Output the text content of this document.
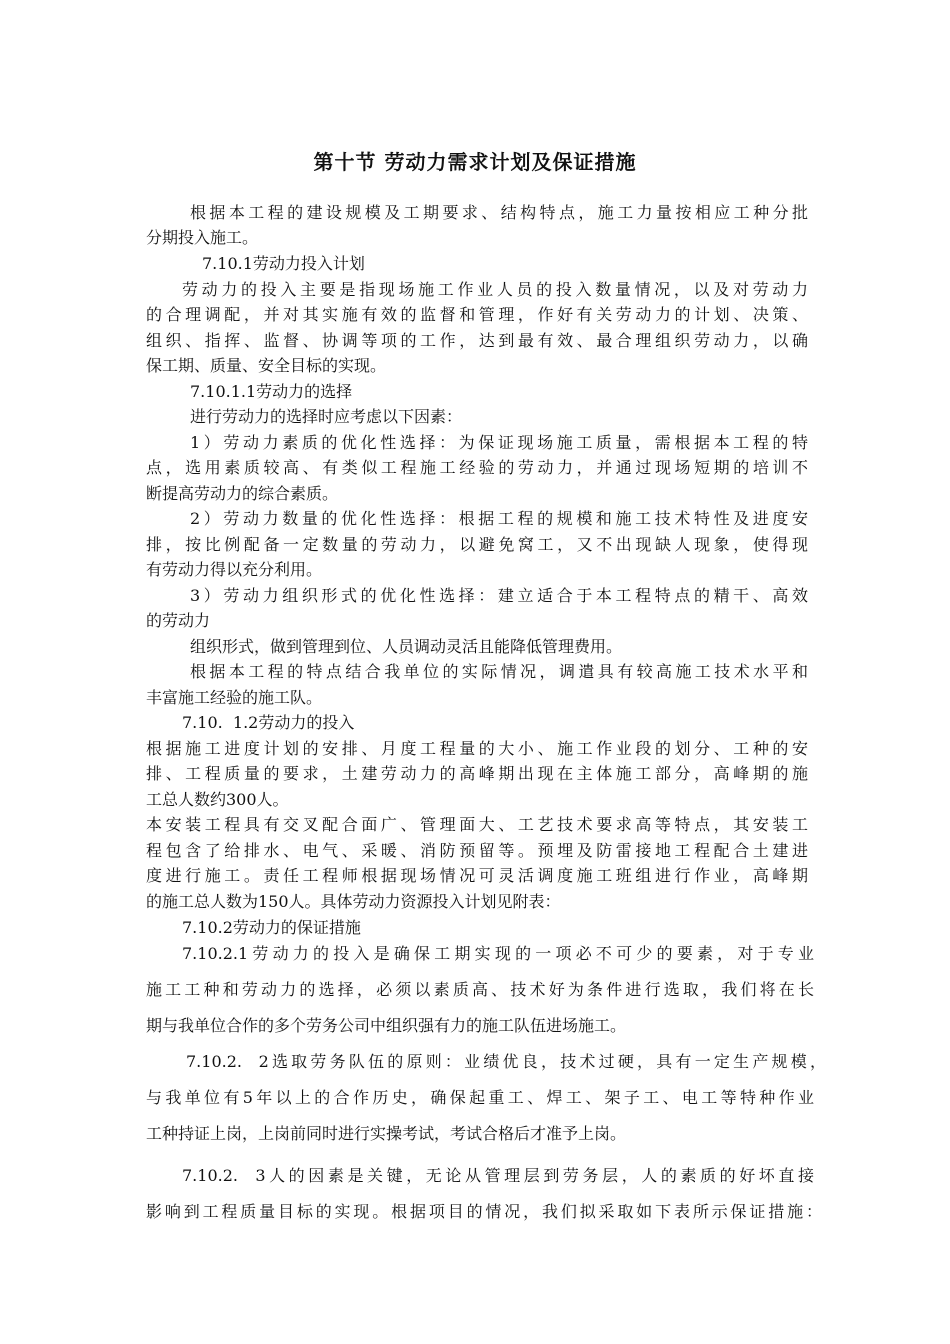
第十节 劳动力需求计划及保证措施
根据本工程的建设规模及工期要求、结构特点，施工力量按相应工种分批
分期投入施工。
7.10.1劳动力投入计划
劳动力的投入主要是指现场施工作业人员的投入数量情况，以及对劳动力
的合理调配，并对其实施有效的监督和管理，作好有关劳动力的计划、决策、
组织、指挥、监督、协调等项的工作，达到最有效、最合理组织劳动力，以确
保工期、质量、安全目标的实现。
7.10.1.1劳动力的选择
进行劳动力的选择时应考虑以下因素：
1）劳动力素质的优化性选择：为保证现场施工质量，需根据本工程的特
点，选用素质较高、有类似工程施工经验的劳动力，并通过现场短期的培训不
断提高劳动力的综合素质。
2）劳动力数量的优化性选择：根据工程的规模和施工技术特性及进度安
排，按比例配备一定数量的劳动力，以避免窝工，又不出现缺人现象，使得现
有劳动力得以充分利用。
3）劳动力组织形式的优化性选择：建立适合于本工程特点的精干、高效
的劳动力
组织形式，做到管理到位、人员调动灵活且能降低管理费用。
根据本工程的特点结合我单位的实际情况，调遣具有较高施工技术水平和
丰富施工经验的施工队。
7.10.  1.2劳动力的投入
根据施工进度计划的安排、月度工程量的大小、施工作业段的划分、工种的安
排、工程质量的要求，土建劳动力的高峰期出现在主体施工部分，高峰期的施
工总人数约300人。
本安装工程具有交叉配合面广、管理面大、工艺技术要求高等特点，其安装工
程包含了给排水、电气、采暖、消防预留等。预埋及防雷接地工程配合土建进
度进行施工。责任工程师根据现场情况可灵活调度施工班组进行作业，高峰期
的施工总人数为150人。具体劳动力资源投入计划见附表：
7.10.2劳动力的保证措施
7.10.2.1劳动力的投入是确保工期实现的一项必不可少的要素，对于专业
施工工种和劳动力的选择，必须以素质高、技术好为条件进行选取，我们将在长
期与我单位合作的多个劳务公司中组织强有力的施工队伍进场施工。
7.10.2.  2选取劳务队伍的原则：业绩优良，技术过硬，具有一定生产规模，
与我单位有5年以上的合作历史，确保起重工、焊工、架子工、电工等特种作业
工种持证上岗，上岗前同时进行实操考试，考试合格后才准予上岗。
7.10.2.  3人的因素是关键，无论从管理层到劳务层，人的素质的好坏直接
影响到工程质量目标的实现。根据项目的情况，我们拟采取如下表所示保证措施：
